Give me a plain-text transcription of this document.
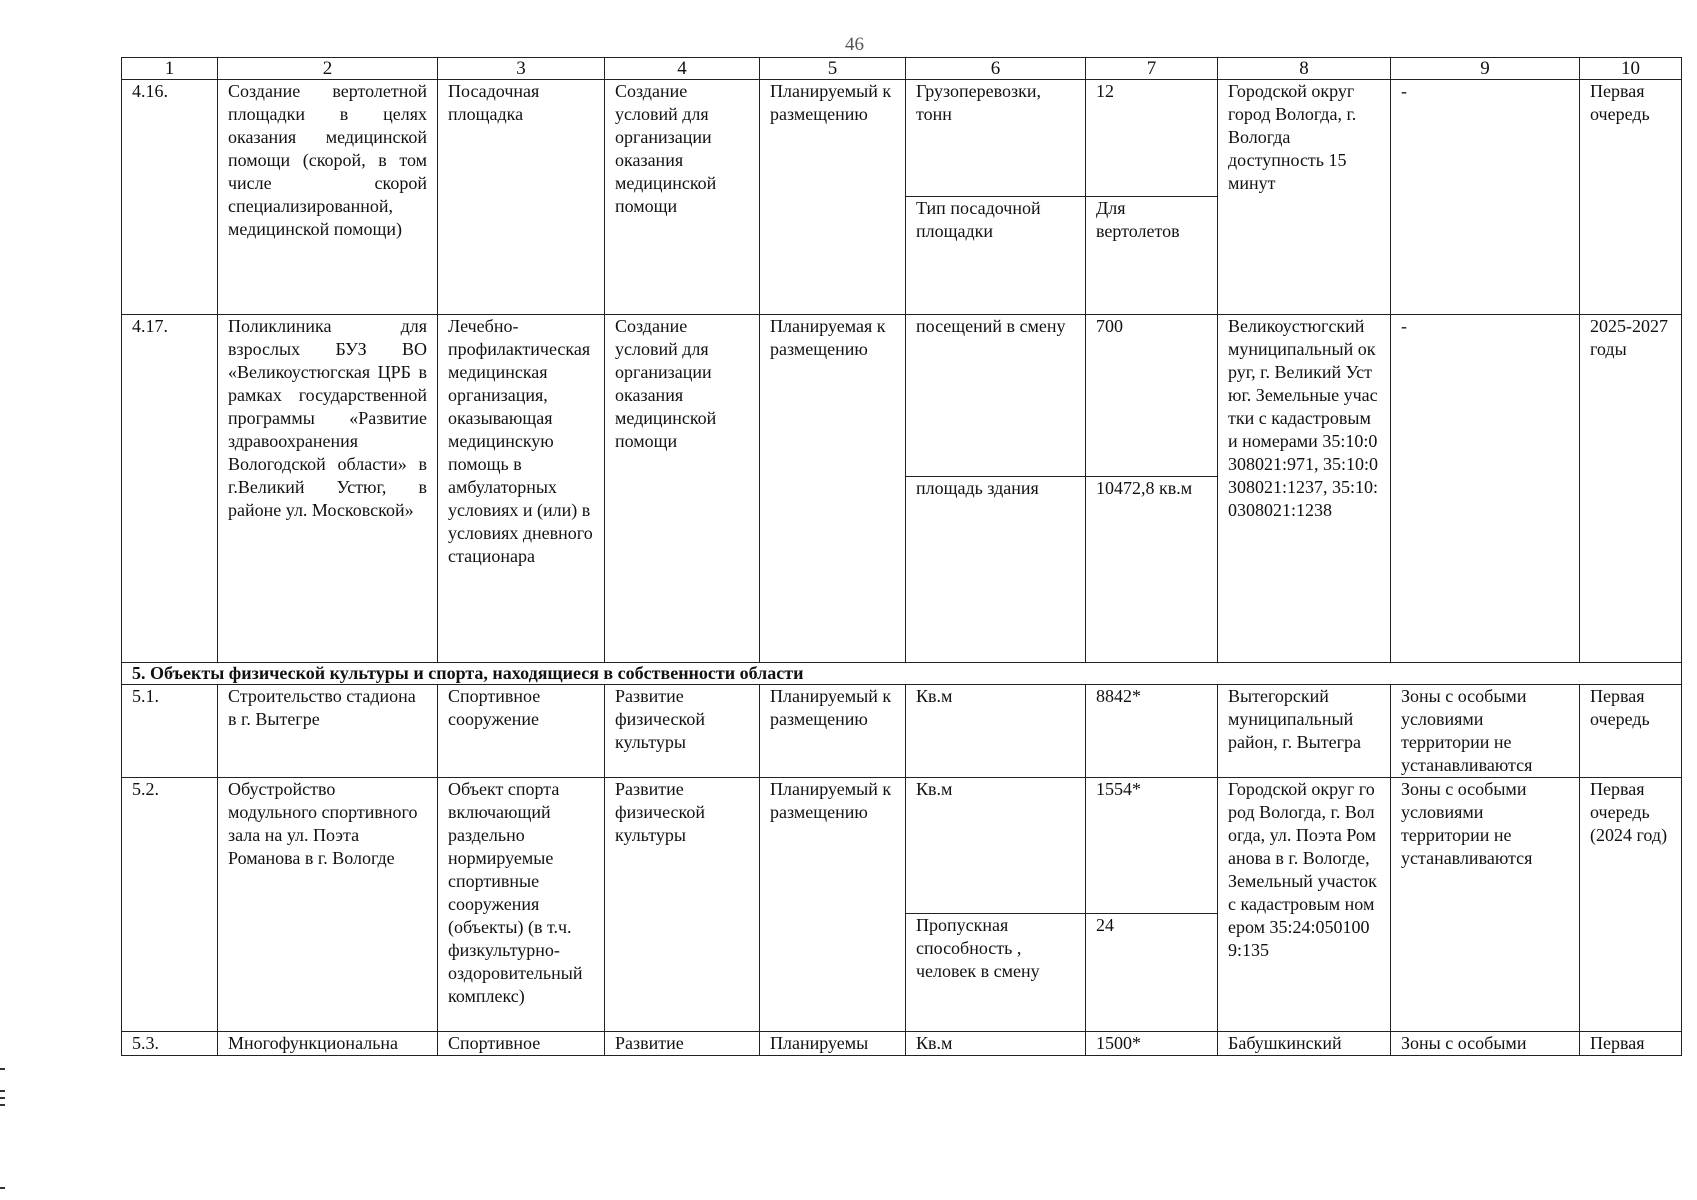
46
1	2	3	4	5	6	7	8	9	10
4.16.	Создание вертолетной площадки в целях оказания медицинской помощи (скорой, в том числе скорой специализированной, медицинской помощи)	Посадочная площадка	Создание условий для организации оказания медицинской помощи	Планируемый к размещению	Грузоперевозки, тонн	12	Городской округ город Вологда, г. Вологда доступность 15 минут	-	Первая очередь
					Тип посадочной площадки	Для вертолетов			
4.17.	Поликлиника для взрослых БУЗ ВО «Великоустюгская ЦРБ в рамках государственной программы «Развитие здравоохранения Вологодской области» в г.Великий Устюг, в районе ул. Московской»	Лечебно-профилактическая медицинская организация, оказывающая медицинскую помощь в амбулаторных условиях и (или) в условиях дневного стационара	Создание условий для организации оказания медицинской помощи	Планируемая к размещению	посещений в смену	700	Великоустюгский муниципальный округ, г. Великий Устюг. Земельные участки с кадастровыми номерами 35:10:0308021:971, 35:10:0308021:1237, 35:10:0308021:1238	-	2025-2027 годы
					площадь здания	10472,8 кв.м			
5. Объекты физической культуры и спорта, находящиеся в собственности области									
5.1.	Строительство стадиона в г. Вытегре	Спортивное сооружение	Развитие физической культуры	Планируемый к размещению	Кв.м	8842*	Вытегорский муниципальный район, г. Вытегра	Зоны с особыми условиями территории не устанавливаются	Первая очередь
5.2.	Обустройство модульного спортивного зала на ул. Поэта Романова в г. Вологде	Объект спорта включающий раздельно нормируемые спортивные сооружения (объекты) (в т.ч. физкультурно-оздоровительный комплекс)	Развитие физической культуры	Планируемый к размещению	Кв.м	1554*	Городской округ город Вологда, г. Вологда, ул. Поэта Романова в г. Вологде, Земельный участок с кадастровым номером 35:24:0501009:135	Зоны с особыми условиями территории не устанавливаются	Первая очередь (2024 год)
					Пропускная способность , человек в смену	24			
5.3.	Многофункциональна	Спортивное	Развитие	Планируемы	Кв.м	1500*	Бабушкинский	Зоны с особыми	Первая
